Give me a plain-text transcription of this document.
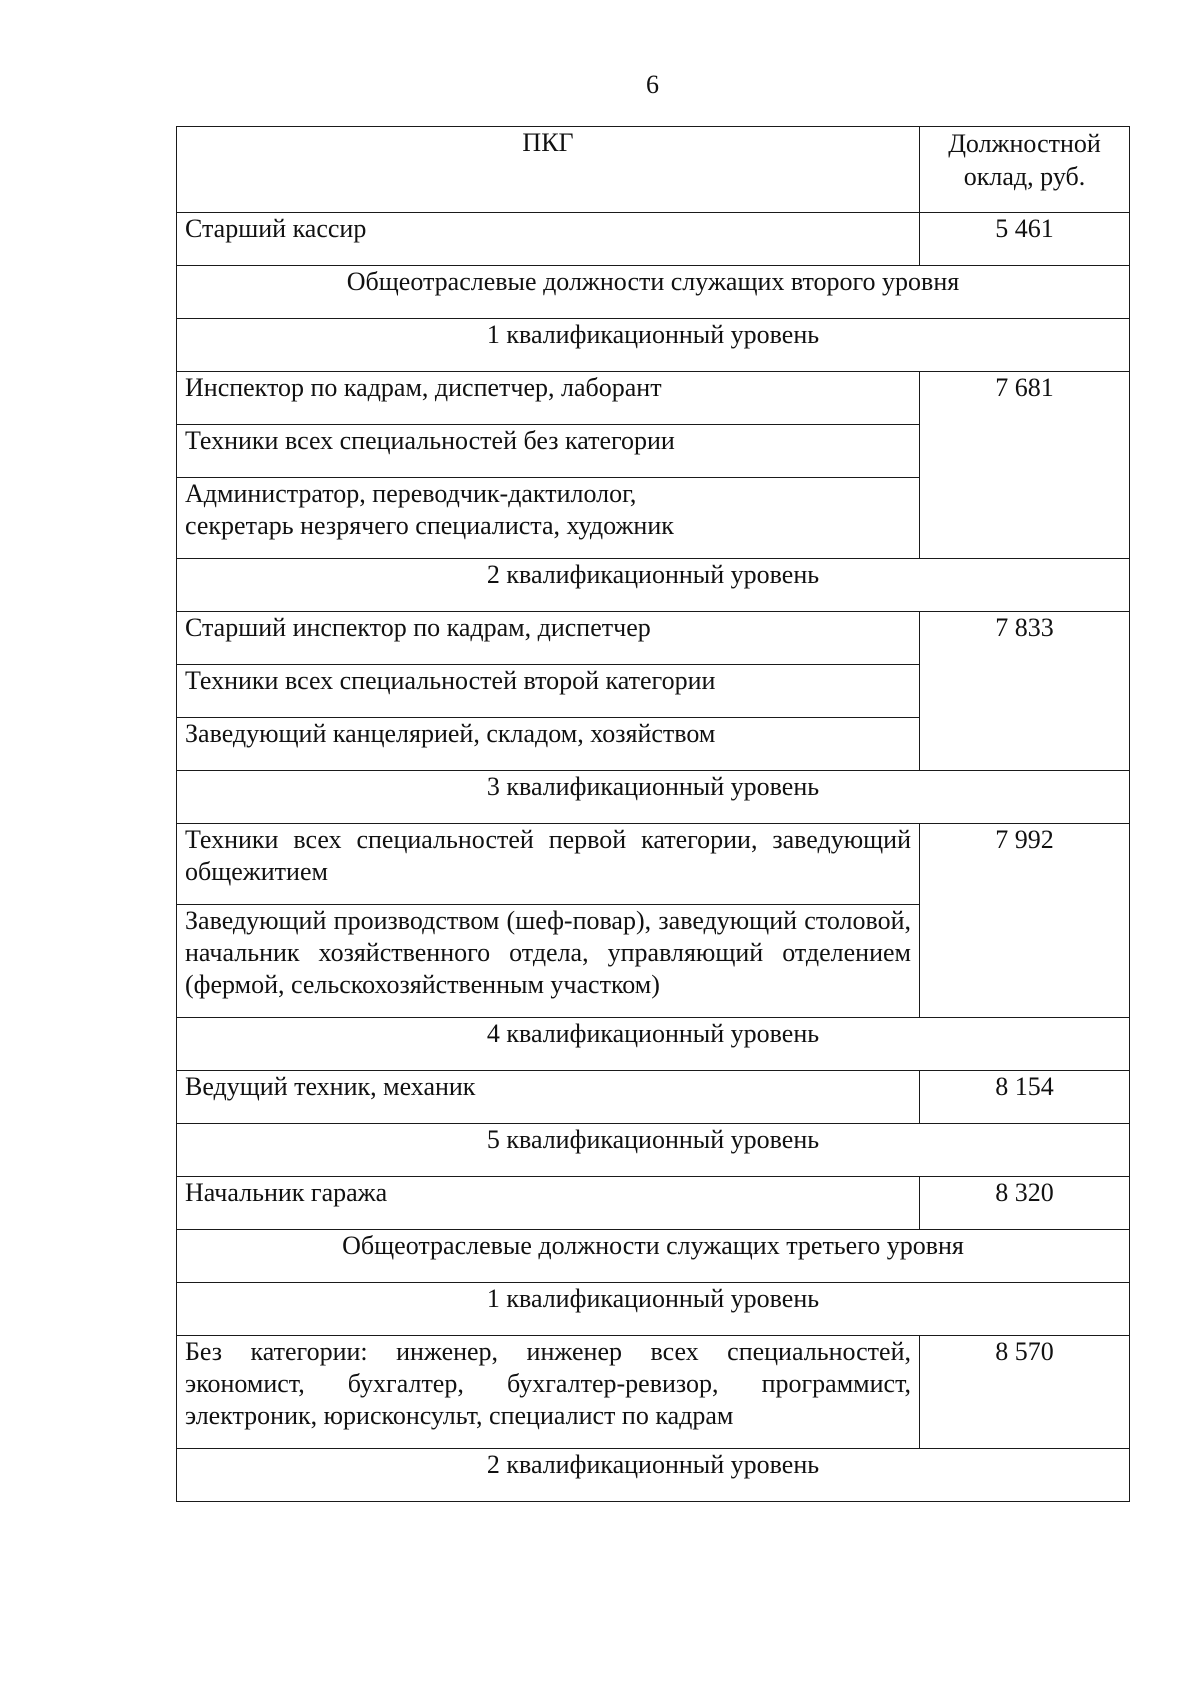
6
ПКГ	Должностной
оклад, руб.
Старший кассир	5 461
Общеотраслевые должности служащих второго уровня	
1 квалификационный уровень	
Инспектор по кадрам, диспетчер, лаборант	7 681
Техники всех специальностей без категории	
Администратор, переводчик-дактилолог,
секретарь незрячего специалиста, художник	
2 квалификационный уровень	
Старший инспектор по кадрам, диспетчер	7 833
Техники всех специальностей второй категории	
Заведующий канцелярией, складом, хозяйством	
3 квалификационный уровень	
Техники всех специальностей первой категории, заведующий общежитием	7 992
Заведующий производством (шеф-повар), заведующий столовой, начальник хозяйственного отдела, управляющий отделением (фермой, сельскохозяйственным участком)	
4 квалификационный уровень	
Ведущий техник, механик	8 154
5 квалификационный уровень	
Начальник гаража	8 320
Общеотраслевые должности служащих третьего уровня	
1 квалификационный уровень	
Без категории: инженер, инженер всех специальностей, экономист, бухгалтер, бухгалтер-ревизор, программист, электроник, юрисконсульт, специалист по кадрам	8 570
2 квалификационный уровень	
